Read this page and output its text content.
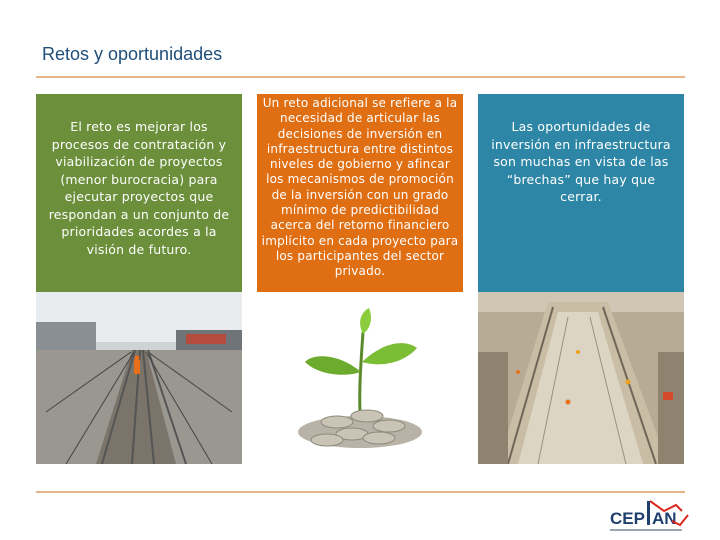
Retos y oportunidades
El reto es mejorar los procesos de contratación y viabilización de proyectos (menor burocracia) para ejecutar proyectos que respondan a un conjunto de prioridades acordes a la visión de futuro.
Un reto adicional se refiere a la necesidad de articular las decisiones de inversión en infraestructura entre distintos niveles de gobierno y afincar los mecanismos de promoción de la inversión con un grado mínimo de predictibilidad acerca del retorno financiero implícito en cada proyecto para los participantes del sector privado.
Las oportunidades de inversión en infraestructura son muchas en vista de las “brechas” que hay que cerrar.
CEP AN
